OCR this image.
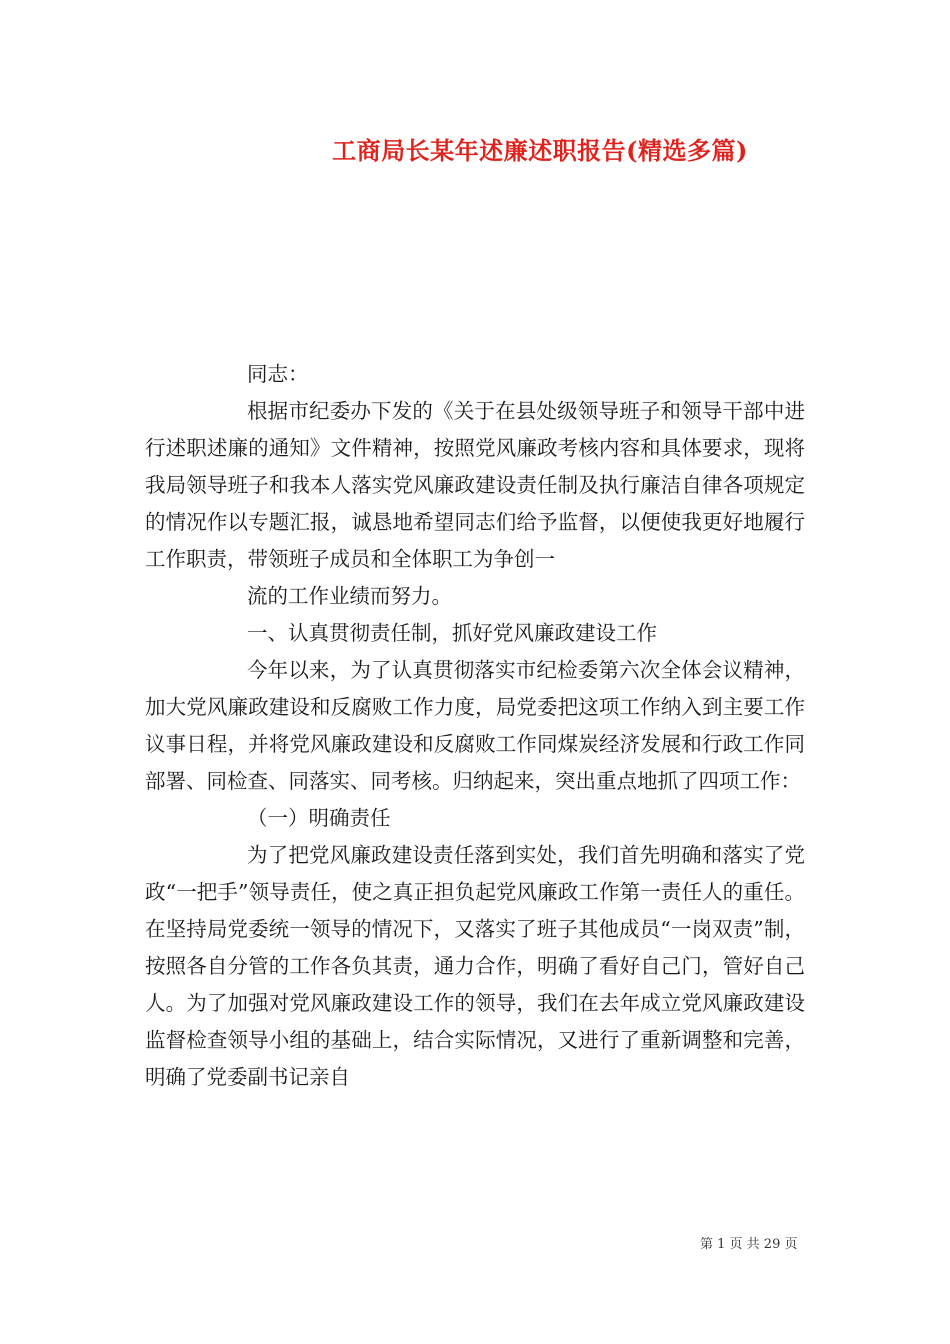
工商局长某年述廉述职报告(精选多篇)

同志：

根据市纪委办下发的《关于在县处级领导班子和领导干部中进行述职述廉的通知》文件精神，按照党风廉政考核内容和具体要求，现将我局领导班子和我本人落实党风廉政建设责任制及执行廉洁自律各项规定的情况作以专题汇报，诚恳地希望同志们给予监督，以便使我更好地履行工作职责，带领班子成员和全体职工为争创一

流的工作业绩而努力。

一、认真贯彻责任制，抓好党风廉政建设工作

今年以来，为了认真贯彻落实市纪检委第六次全体会议精神，加大党风廉政建设和反腐败工作力度，局党委把这项工作纳入到主要工作议事日程，并将党风廉政建设和反腐败工作同煤炭经济发展和行政工作同部署、同检查、同落实、同考核。归纳起来，突出重点地抓了四项工作：

（一）明确责任

为了把党风廉政建设责任落到实处，我们首先明确和落实了党政“一把手”领导责任，使之真正担负起党风廉政工作第一责任人的重任。在坚持局党委统一领导的情况下，又落实了班子其他成员“一岗双责”制，按照各自分管的工作各负其责，通力合作，明确了看好自己门，管好自己人。为了加强对党风廉政建设工作的领导，我们在去年成立党风廉政建设监督检查领导小组的基础上，结合实际情况，又进行了重新调整和完善，明确了党委副书记亲自

第 1 页 共 29 页
